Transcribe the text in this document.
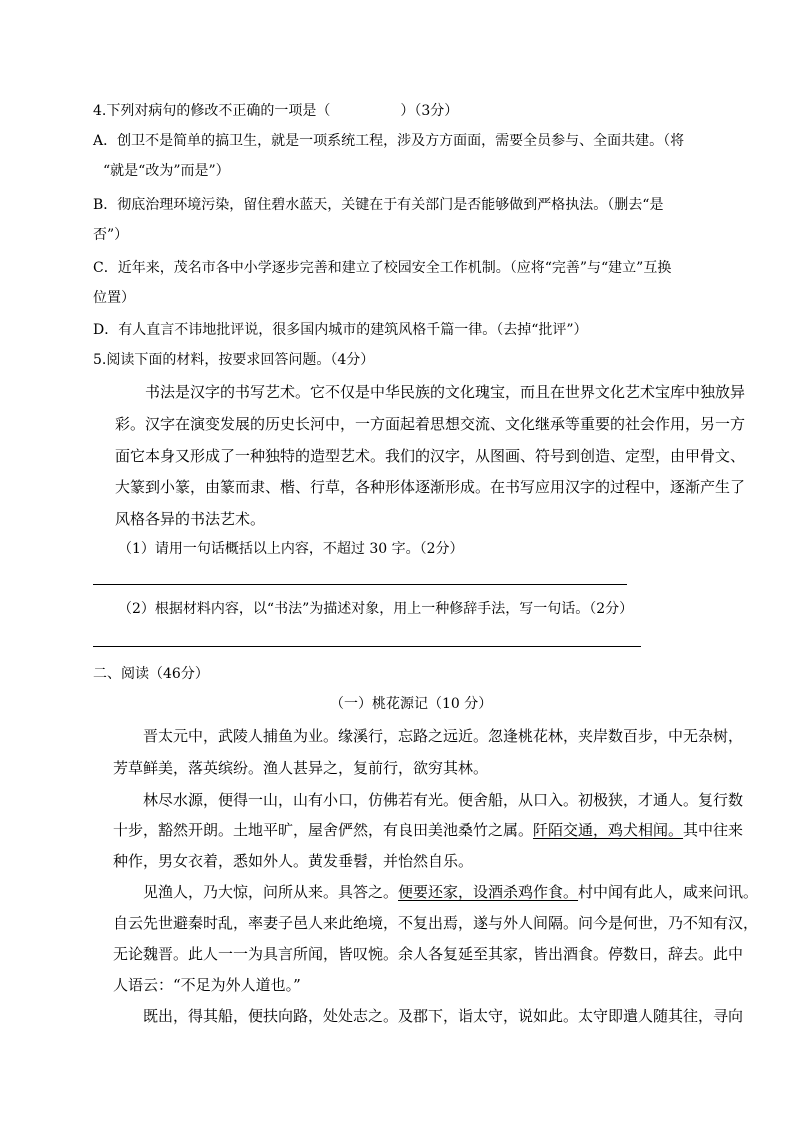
4.下列对病句的修改不正确的一项是（　　　　　）（3分）
A．创卫不是简单的搞卫生，就是一项系统工程，涉及方方面面，需要全员参与、全面共建。（将
“就是“改为”而是”）
B．彻底治理环境污染，留住碧水蓝天，关键在于有关部门是否能够做到严格执法。（删去“是
否”）
C．近年来，茂名市各中小学逐步完善和建立了校园安全工作机制。（应将“完善”与“建立”互换
位置）
D．有人直言不讳地批评说，很多国内城市的建筑风格千篇一律。（去掉“批评”）
5.阅读下面的材料，按要求回答问题。（4分）
书法是汉字的书写艺术。它不仅是中华民族的文化瑰宝，而且在世界文化艺术宝库中独放异
彩。汉字在演变发展的历史长河中，一方面起着思想交流、文化继承等重要的社会作用，另一方
面它本身又形成了一种独特的造型艺术。我们的汉字，从图画、符号到创造、定型，由甲骨文、
大篆到小篆，由篆而隶、楷、行草，各种形体逐渐形成。在书写应用汉字的过程中，逐渐产生了
风格各异的书法艺术。
（1）请用一句话概括以上内容，不超过 30 字。（2分）
（2）根据材料内容，以“书法”为描述对象，用上一种修辞手法，写一句话。（2分）
二、阅读（46分）
（一）桃花源记（10 分）
晋太元中，武陵人捕鱼为业。缘溪行，忘路之远近。忽逢桃花林，夹岸数百步，中无杂树，
芳草鲜美，落英缤纷。渔人甚异之，复前行，欲穷其林。
林尽水源，便得一山，山有小口，仿佛若有光。便舍船，从口入。初极狭，才通人。复行数
十步，豁然开朗。土地平旷，屋舍俨然，有良田美池桑竹之属。阡陌交通，鸡犬相闻。其中往来
种作，男女衣着，悉如外人。黄发垂髫，并怡然自乐。
见渔人，乃大惊，问所从来。具答之。便要还家，设酒杀鸡作食。村中闻有此人，咸来问讯。
自云先世避秦时乱，率妻子邑人来此绝境，不复出焉，遂与外人间隔。问今是何世，乃不知有汉，
无论魏晋。此人一一为具言所闻，皆叹惋。余人各复延至其家，皆出酒食。停数日，辞去。此中
人语云：“不足为外人道也。”
既出，得其船，便扶向路，处处志之。及郡下，诣太守，说如此。太守即遣人随其往，寻向
